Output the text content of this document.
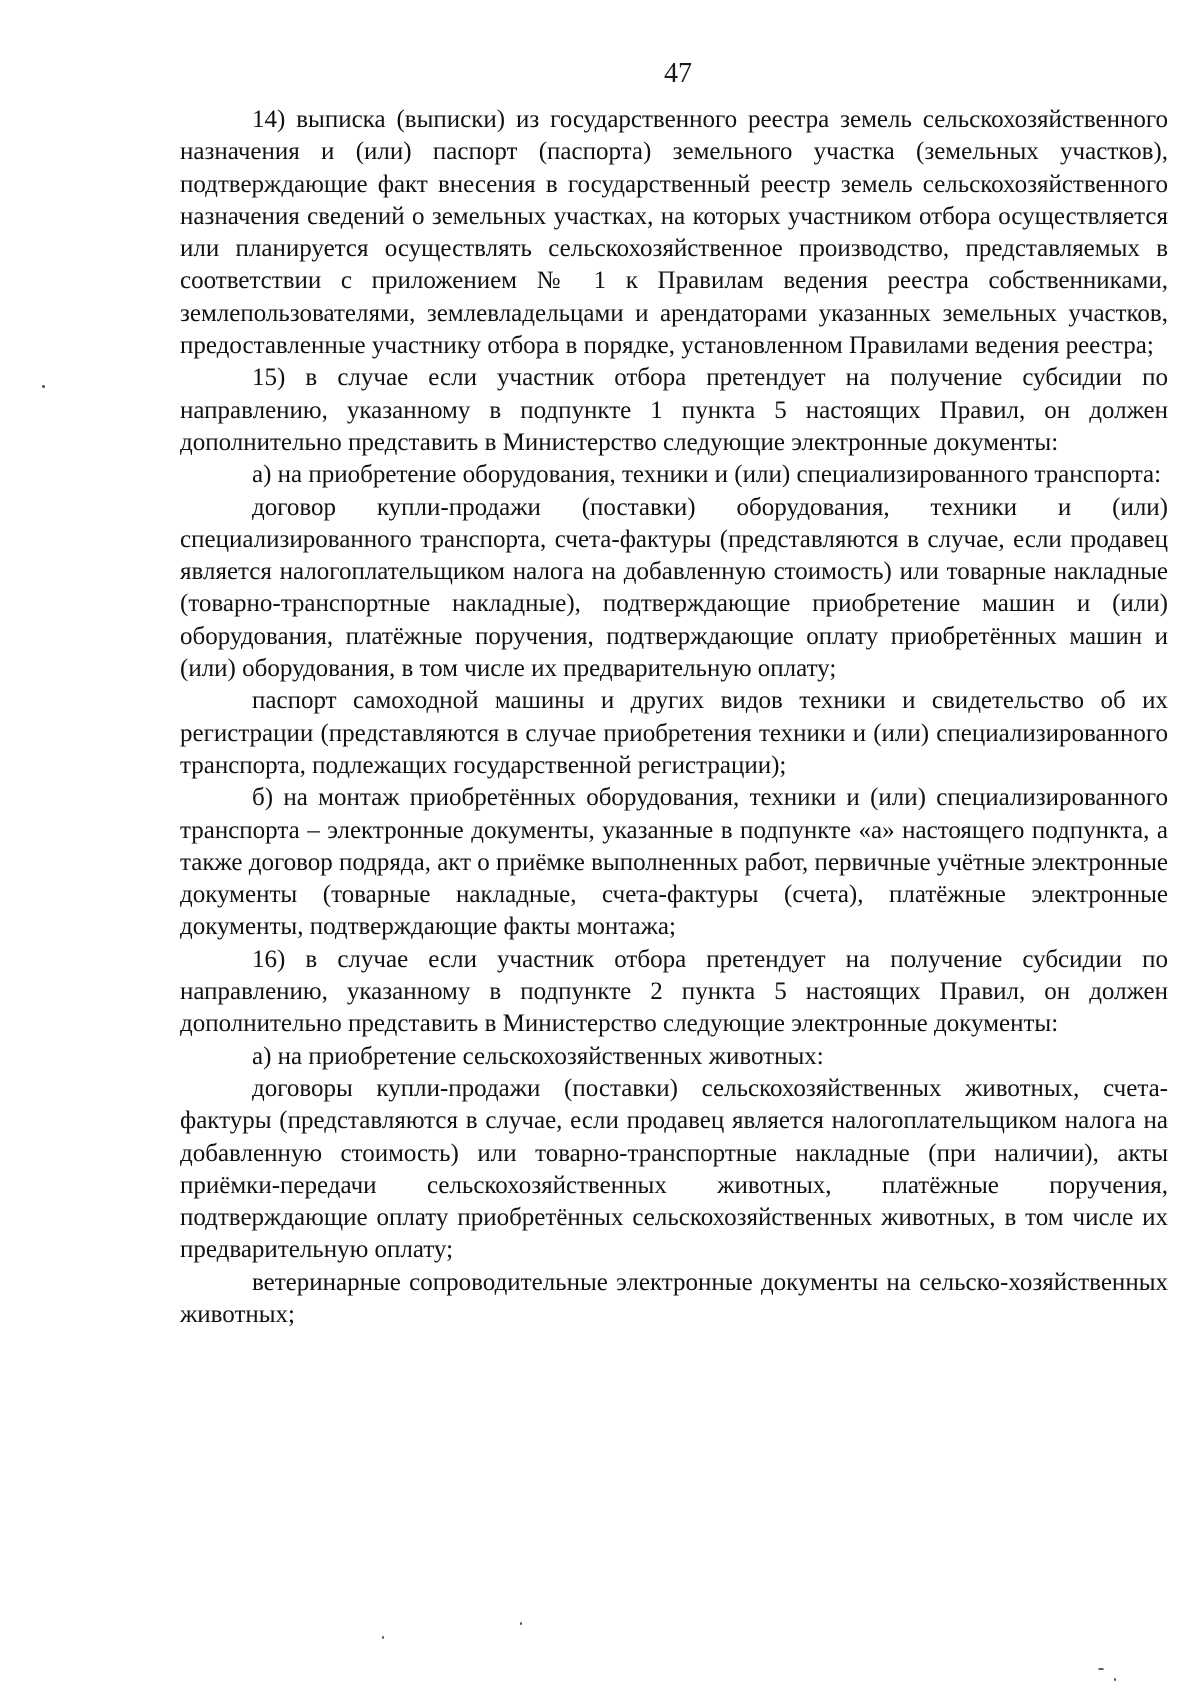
47

14) выписка (выписки) из государственного реестра земель сельскохозяйственного назначения и (или) паспорт (паспорта) земельного участка (земельных участков), подтверждающие факт внесения в государственный реестр земель сельскохозяйственного назначения сведений о земельных участках, на которых участником отбора осуществляется или планируется осуществлять сельскохозяйственное производство, представляемых в соответствии с приложением № 1 к Правилам ведения реестра собственниками, землепользователями, землевладельцами и арендаторами указанных земельных участков, предоставленные участнику отбора в порядке, установленном Правилами ведения реестра;

15) в случае если участник отбора претендует на получение субсидии по направлению, указанному в подпункте 1 пункта 5 настоящих Правил, он должен дополнительно представить в Министерство следующие электронные документы:

а) на приобретение оборудования, техники и (или) специализированного транспорта:

договор купли-продажи (поставки) оборудования, техники и (или) специализированного транспорта, счета-фактуры (представляются в случае, если продавец является налогоплательщиком налога на добавленную стоимость) или товарные накладные (товарно-транспортные накладные), подтверждающие приобретение машин и (или) оборудования, платёжные поручения, подтверждающие оплату приобретённых машин и (или) оборудования, в том числе их предварительную оплату;

паспорт самоходной машины и других видов техники и свидетельство об их регистрации (представляются в случае приобретения техники и (или) специализированного транспорта, подлежащих государственной регистрации);

б) на монтаж приобретённых оборудования, техники и (или) специализированного транспорта – электронные документы, указанные в подпункте «а» настоящего подпункта, а также договор подряда, акт о приёмке выполненных работ, первичные учётные электронные документы (товарные накладные, счета-фактуры (счета), платёжные электронные документы, подтверждающие факты монтажа;

16) в случае если участник отбора претендует на получение субсидии по направлению, указанному в подпункте 2 пункта 5 настоящих Правил, он должен дополнительно представить в Министерство следующие электронные документы:

а) на приобретение сельскохозяйственных животных:

договоры купли-продажи (поставки) сельскохозяйственных животных, счета-фактуры (представляются в случае, если продавец является налогоплательщиком налога на добавленную стоимость) или товарно-транспортные накладные (при наличии), акты приёмки-передачи сельскохозяйственных животных, платёжные поручения, подтверждающие оплату приобретённых сельскохозяйственных животных, в том числе их предварительную оплату;

ветеринарные сопроводительные электронные документы на сельско-хозяйственных животных;
